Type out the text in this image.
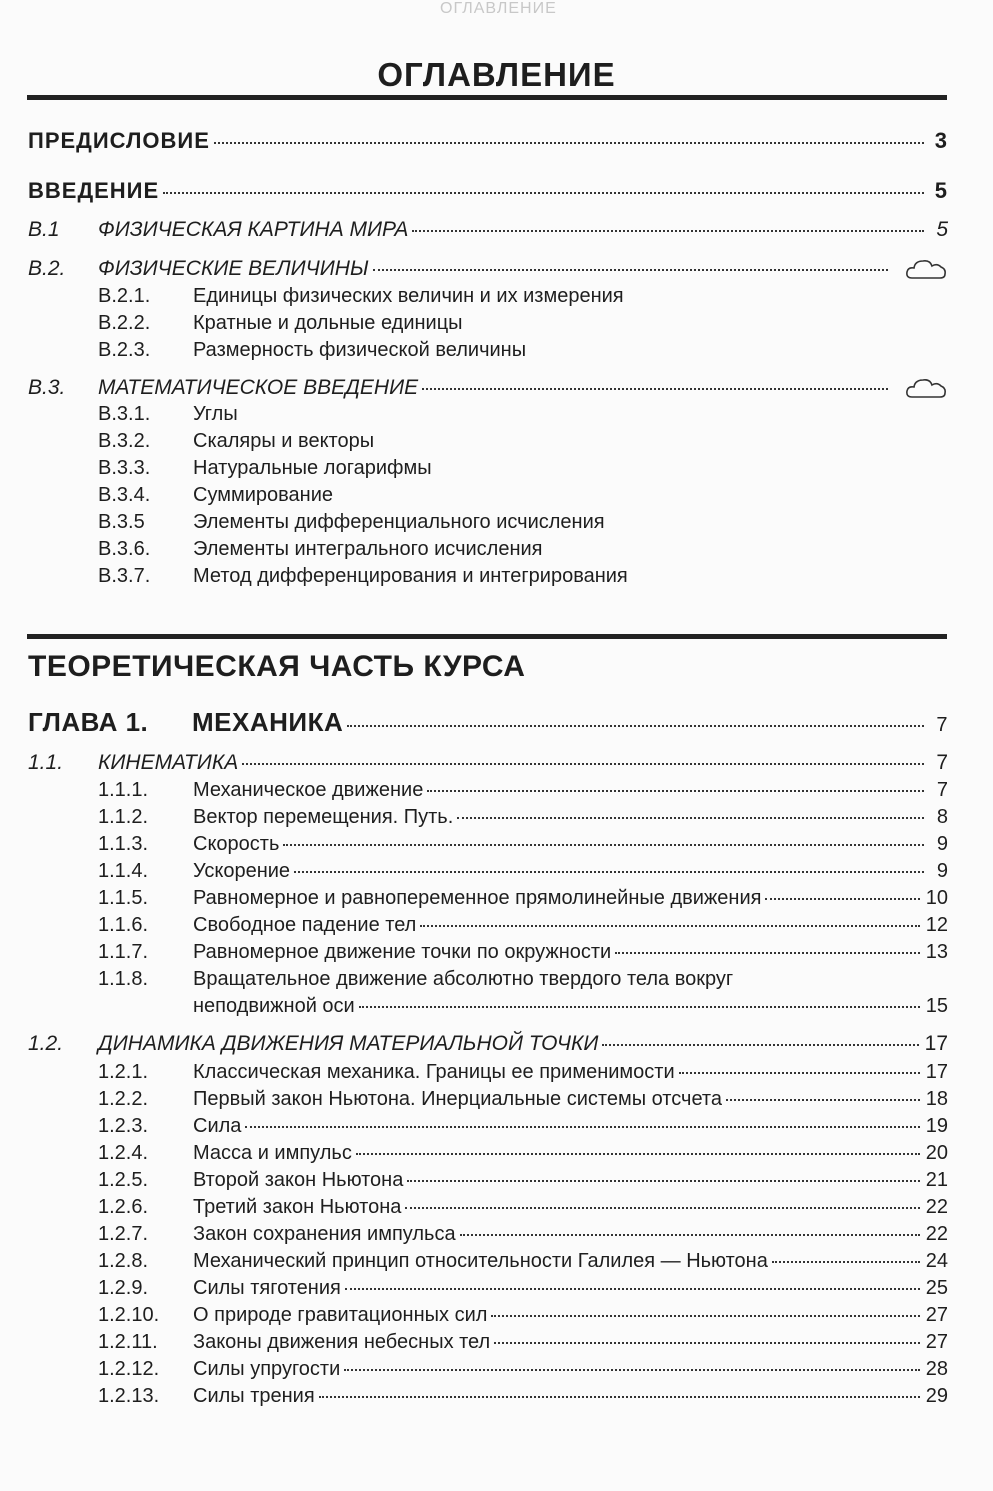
ОГЛАВЛЕНИЕ
ОГЛАВЛЕНИЕ
ПРЕДИСЛОВИЕ	3
ВВЕДЕНИЕ	5
В.1	ФИЗИЧЕСКАЯ КАРТИНА МИРА	5
В.2.	ФИЗИЧЕСКИЕ ВЕЛИЧИНЫ
В.2.1.	Единицы физических величин и их измерения
В.2.2.	Кратные и дольные единицы
В.2.3.	Размерность физической величины
В.3.	МАТЕМАТИЧЕСКОЕ ВВЕДЕНИЕ
В.3.1.	Углы
В.3.2.	Скаляры и векторы
В.3.3.	Натуральные логарифмы
В.3.4.	Суммирование
В.3.5	Элементы дифференциального исчисления
В.3.6.	Элементы интегрального исчисления
В.3.7.	Метод дифференцирования и интегрирования
ТЕОРЕТИЧЕСКАЯ ЧАСТЬ КУРСА
ГЛАВА 1.	МЕХАНИКА	7
1.1.	КИНЕМАТИКА	7
1.1.1.	Механическое движение	7
1.1.2.	Вектор перемещения. Путь.	8
1.1.3.	Скорость	9
1.1.4.	Ускорение	9
1.1.5.	Равномерное и равнопеременное прямолинейные движения	10
1.1.6.	Свободное падение тел	12
1.1.7.	Равномерное движение точки по окружности	13
1.1.8.	Вращательное движение абсолютно твердого тела вокруг
неподвижной оси	15
1.2.	ДИНАМИКА ДВИЖЕНИЯ МАТЕРИАЛЬНОЙ ТОЧКИ	17
1.2.1.	Классическая механика. Границы ее применимости	17
1.2.2.	Первый закон Ньютона. Инерциальные системы отсчета	18
1.2.3.	Сила	19
1.2.4.	Масса и импульс	20
1.2.5.	Второй закон Ньютона	21
1.2.6.	Третий закон Ньютона	22
1.2.7.	Закон сохранения импульса	22
1.2.8.	Механический принцип относительности Галилея — Ньютона	24
1.2.9.	Силы тяготения	25
1.2.10.	О природе гравитационных сил	27
1.2.11.	Законы движения небесных тел	27
1.2.12.	Силы упругости	28
1.2.13.	Силы трения	29
